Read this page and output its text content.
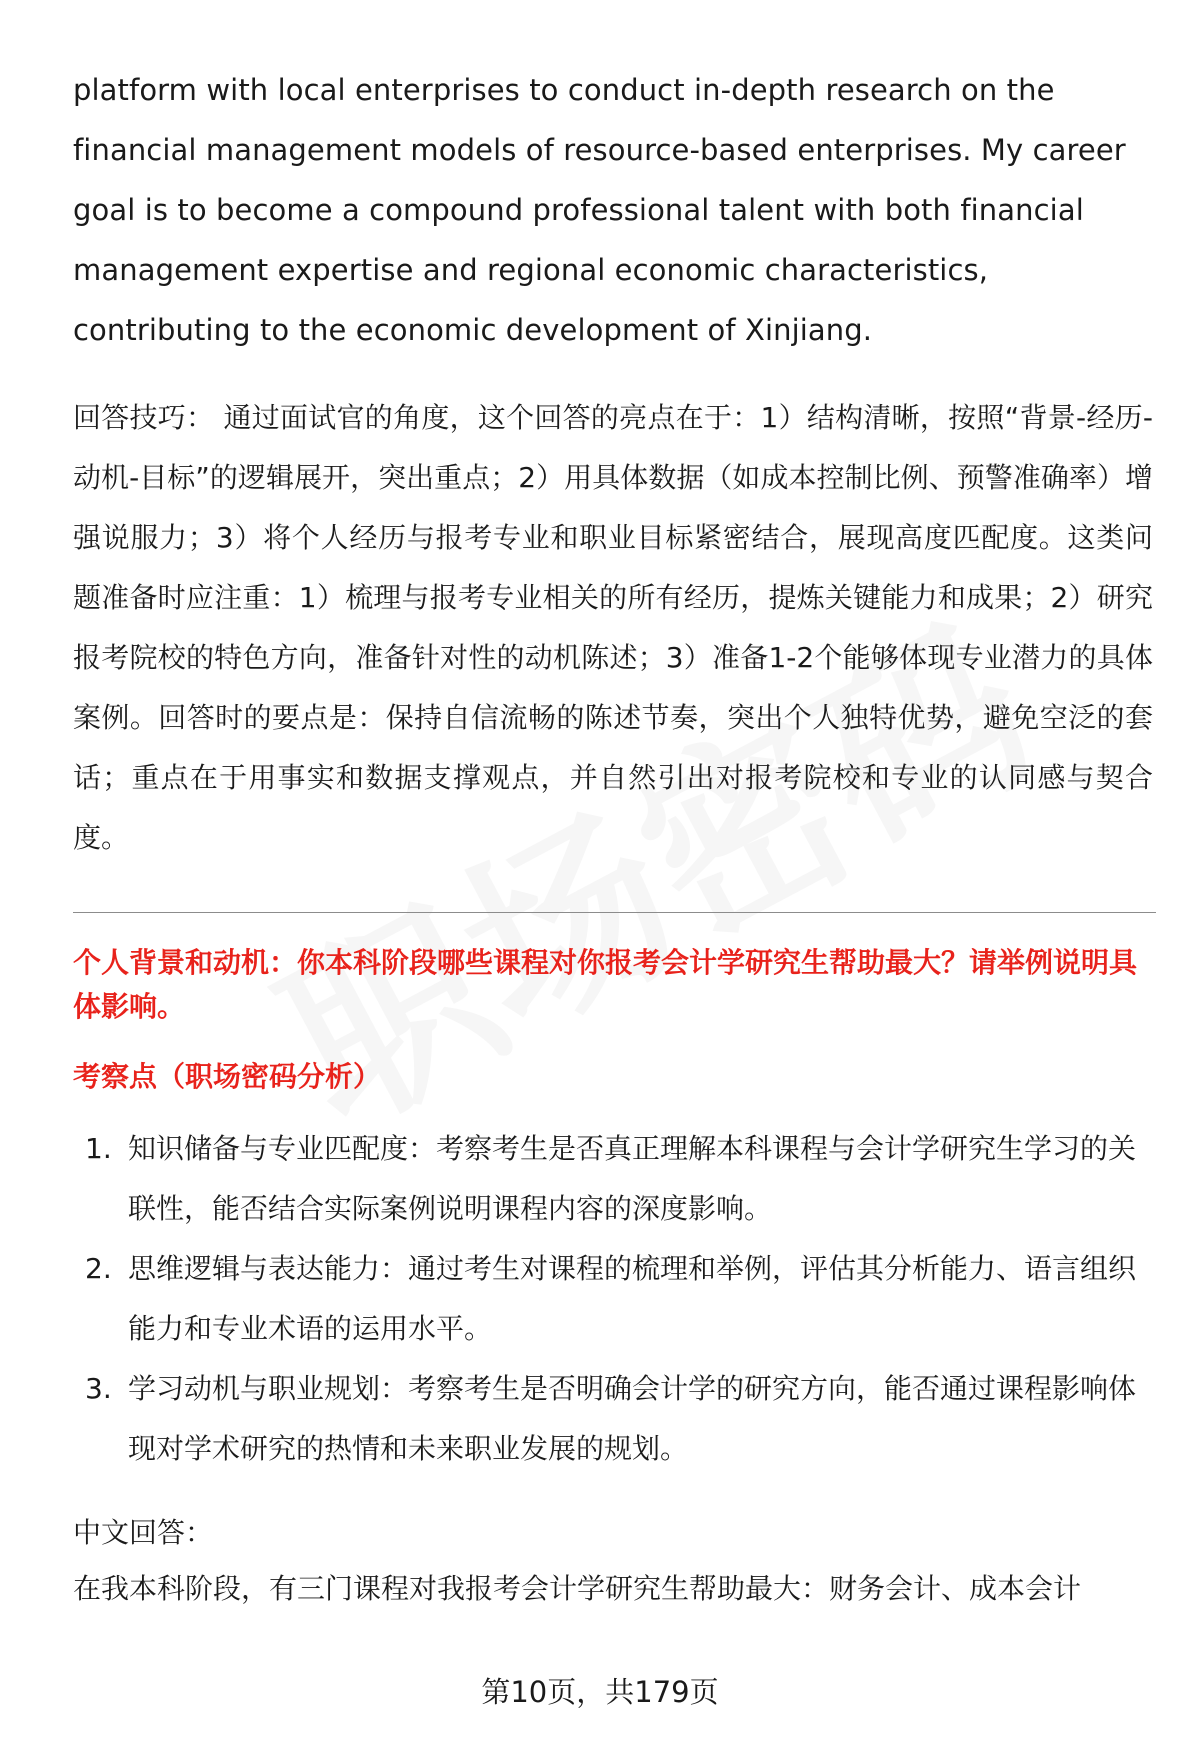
platform with local enterprises to conduct in-depth research on the financial management models of resource-based enterprises. My career goal is to become a compound professional talent with both financial management expertise and regional economic characteristics, contributing to the economic development of Xinjiang.

回答技巧： 通过面试官的角度，这个回答的亮点在于：1）结构清晰，按照“背景-经历-动机-目标”的逻辑展开，突出重点；2）用具体数据（如成本控制比例、预警准确率）增强说服力；3）将个人经历与报考专业和职业目标紧密结合，展现高度匹配度。这类问题准备时应注重：1）梳理与报考专业相关的所有经历，提炼关键能力和成果；2）研究报考院校的特色方向，准备针对性的动机陈述；3）准备1-2个能够体现专业潜力的具体案例。回答时的要点是：保持自信流畅的陈述节奏，突出个人独特优势，避免空泛的套话；重点在于用事实和数据支撑观点，并自然引出对报考院校和专业的认同感与契合度。

个人背景和动机：你本科阶段哪些课程对你报考会计学研究生帮助最大？请举例说明具体影响。

考察点（职场密码分析）

1. 知识储备与专业匹配度：考察考生是否真正理解本科课程与会计学研究生学习的关联性，能否结合实际案例说明课程内容的深度影响。
2. 思维逻辑与表达能力：通过考生对课程的梳理和举例，评估其分析能力、语言组织能力和专业术语的运用水平。
3. 学习动机与职业规划：考察考生是否明确会计学的研究方向，能否通过课程影响体现对学术研究的热情和未来职业发展的规划。

中文回答：

在我本科阶段，有三门课程对我报考会计学研究生帮助最大：财务会计、成本会计

第10页，共179页
